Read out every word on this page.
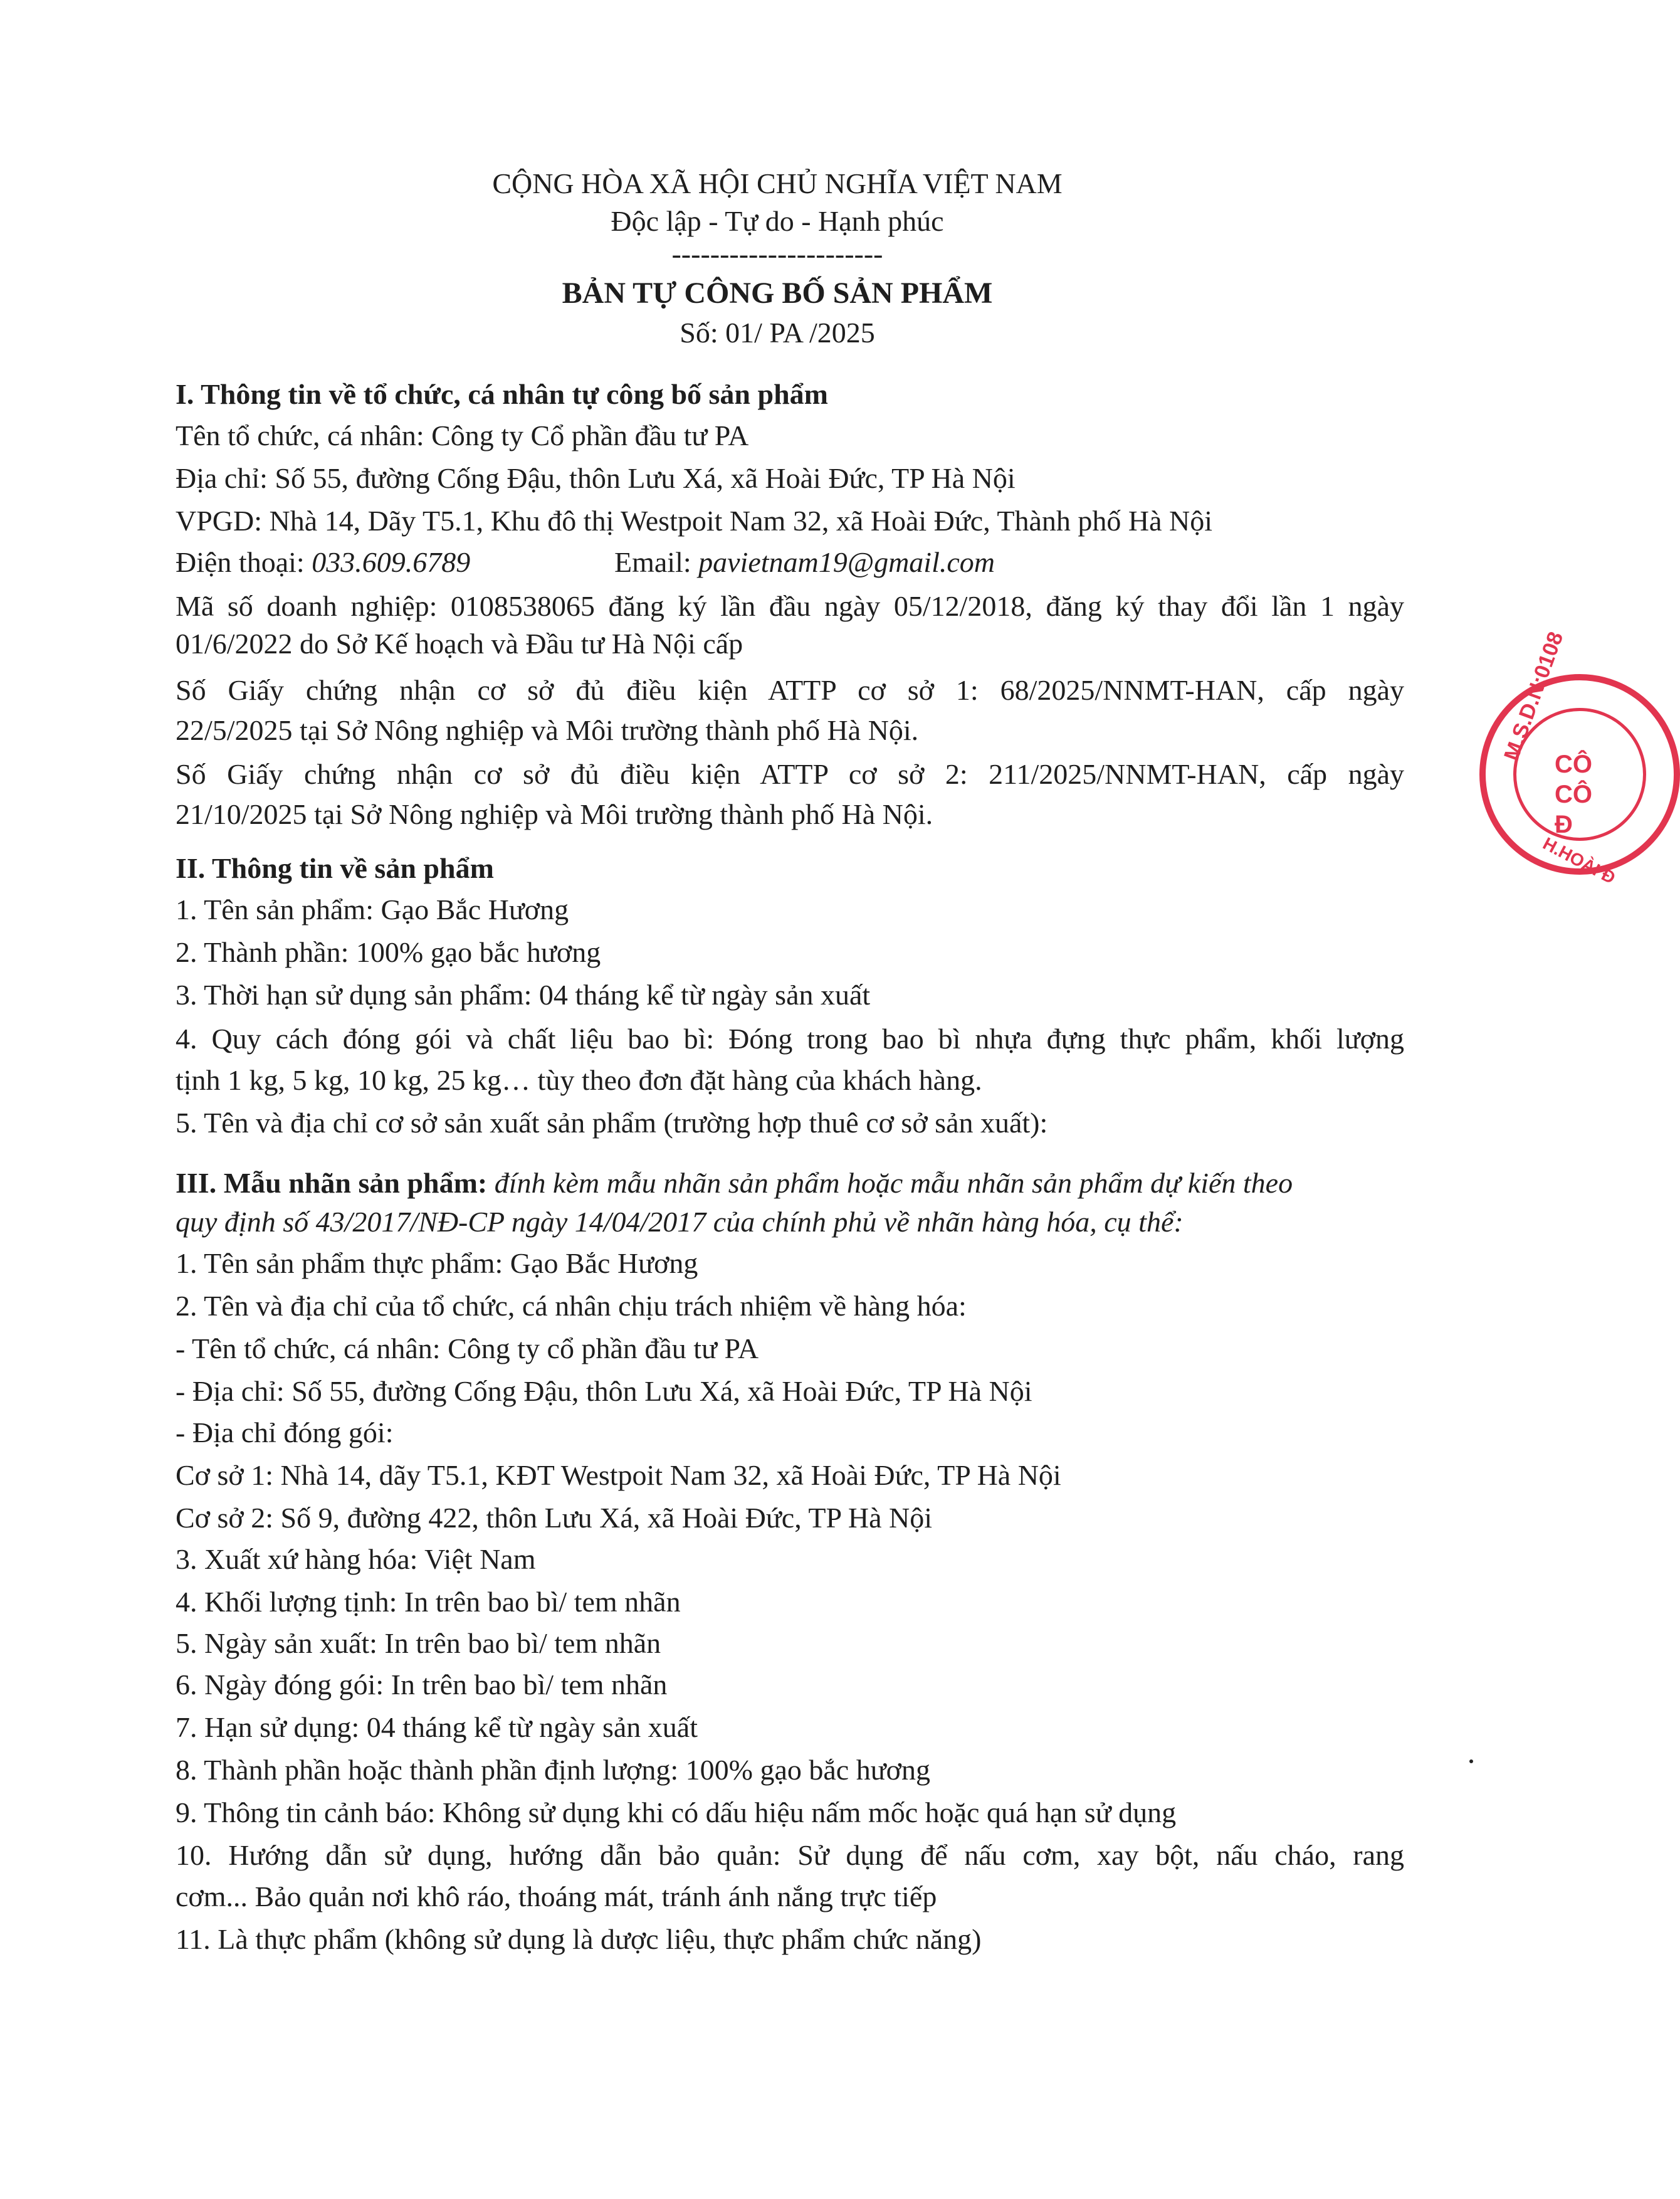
CỘNG HÒA XÃ HỘI CHỦ NGHĨA VIỆT NAM
Độc lập - Tự do - Hạnh phúc
----------------------
BẢN TỰ CÔNG BỐ SẢN PHẨM
Số: 01/ PA /2025
I. Thông tin về tổ chức, cá nhân tự công bố sản phẩm
Tên tổ chức, cá nhân: Công ty Cổ phần đầu tư PA
Địa chỉ: Số 55, đường Cống Đậu, thôn Lưu Xá, xã Hoài Đức, TP Hà Nội
VPGD: Nhà 14, Dãy T5.1, Khu đô thị Westpoit Nam 32, xã Hoài Đức, Thành phố Hà Nội
Điện thoại: 033.609.6789	Email: pavietnam19@gmail.com
Mã số doanh nghiệp: 0108538065 đăng ký lần đầu ngày 05/12/2018, đăng ký thay đổi lần 1 ngày
01/6/2022 do Sở Kế hoạch và Đầu tư Hà Nội cấp
Số Giấy chứng nhận cơ sở đủ điều kiện ATTP cơ sở 1: 68/2025/NNMT-HAN, cấp ngày
22/5/2025 tại Sở Nông nghiệp và Môi trường thành phố Hà Nội.
Số Giấy chứng nhận cơ sở đủ điều kiện ATTP cơ sở 2: 211/2025/NNMT-HAN, cấp ngày
21/10/2025 tại Sở Nông nghiệp và Môi trường thành phố Hà Nội.
II. Thông tin về sản phẩm
1. Tên sản phẩm: Gạo Bắc Hương
2. Thành phần: 100% gạo bắc hương
3. Thời hạn sử dụng sản phẩm: 04 tháng kể từ ngày sản xuất
4. Quy cách đóng gói và chất liệu bao bì: Đóng trong bao bì nhựa đựng thực phẩm, khối lượng
tịnh 1 kg, 5 kg, 10 kg, 25 kg… tùy theo đơn đặt hàng của khách hàng.
5. Tên và địa chỉ cơ sở sản xuất sản phẩm (trường hợp thuê cơ sở sản xuất):
III. Mẫu nhãn sản phẩm: đính kèm mẫu nhãn sản phẩm hoặc mẫu nhãn sản phẩm dự kiến theo
quy định số 43/2017/NĐ-CP ngày 14/04/2017 của chính phủ về nhãn hàng hóa, cụ thể:
1. Tên sản phẩm thực phẩm: Gạo Bắc Hương
2. Tên và địa chỉ của tổ chức, cá nhân chịu trách nhiệm về hàng hóa:
- Tên tổ chức, cá nhân: Công ty cổ phần đầu tư PA
- Địa chỉ: Số 55, đường Cống Đậu, thôn Lưu Xá, xã Hoài Đức, TP Hà Nội
- Địa chỉ đóng gói:
Cơ sở 1: Nhà 14, dãy T5.1, KĐT Westpoit Nam 32, xã Hoài Đức, TP Hà Nội
Cơ sở 2: Số 9, đường 422, thôn Lưu Xá, xã Hoài Đức, TP Hà Nội
3. Xuất xứ hàng hóa: Việt Nam
4. Khối lượng tịnh: In trên bao bì/ tem nhãn
5. Ngày sản xuất: In trên bao bì/ tem nhãn
6. Ngày đóng gói: In trên bao bì/ tem nhãn
7. Hạn sử dụng: 04 tháng kể từ ngày sản xuất
8. Thành phần hoặc thành phần định lượng: 100% gạo bắc hương
9. Thông tin cảnh báo: Không sử dụng khi có dấu hiệu nấm mốc hoặc quá hạn sử dụng
10. Hướng dẫn sử dụng, hướng dẫn bảo quản: Sử dụng để nấu cơm, xay bột, nấu cháo, rang
cơm... Bảo quản nơi khô ráo, thoáng mát, tránh ánh nắng trực tiếp
11. Là thực phẩm (không sử dụng là dược liệu, thực phẩm chức năng)
M.S.D.N:0108
CÔ
CÔ
Đ
H.HOÀI Đ
